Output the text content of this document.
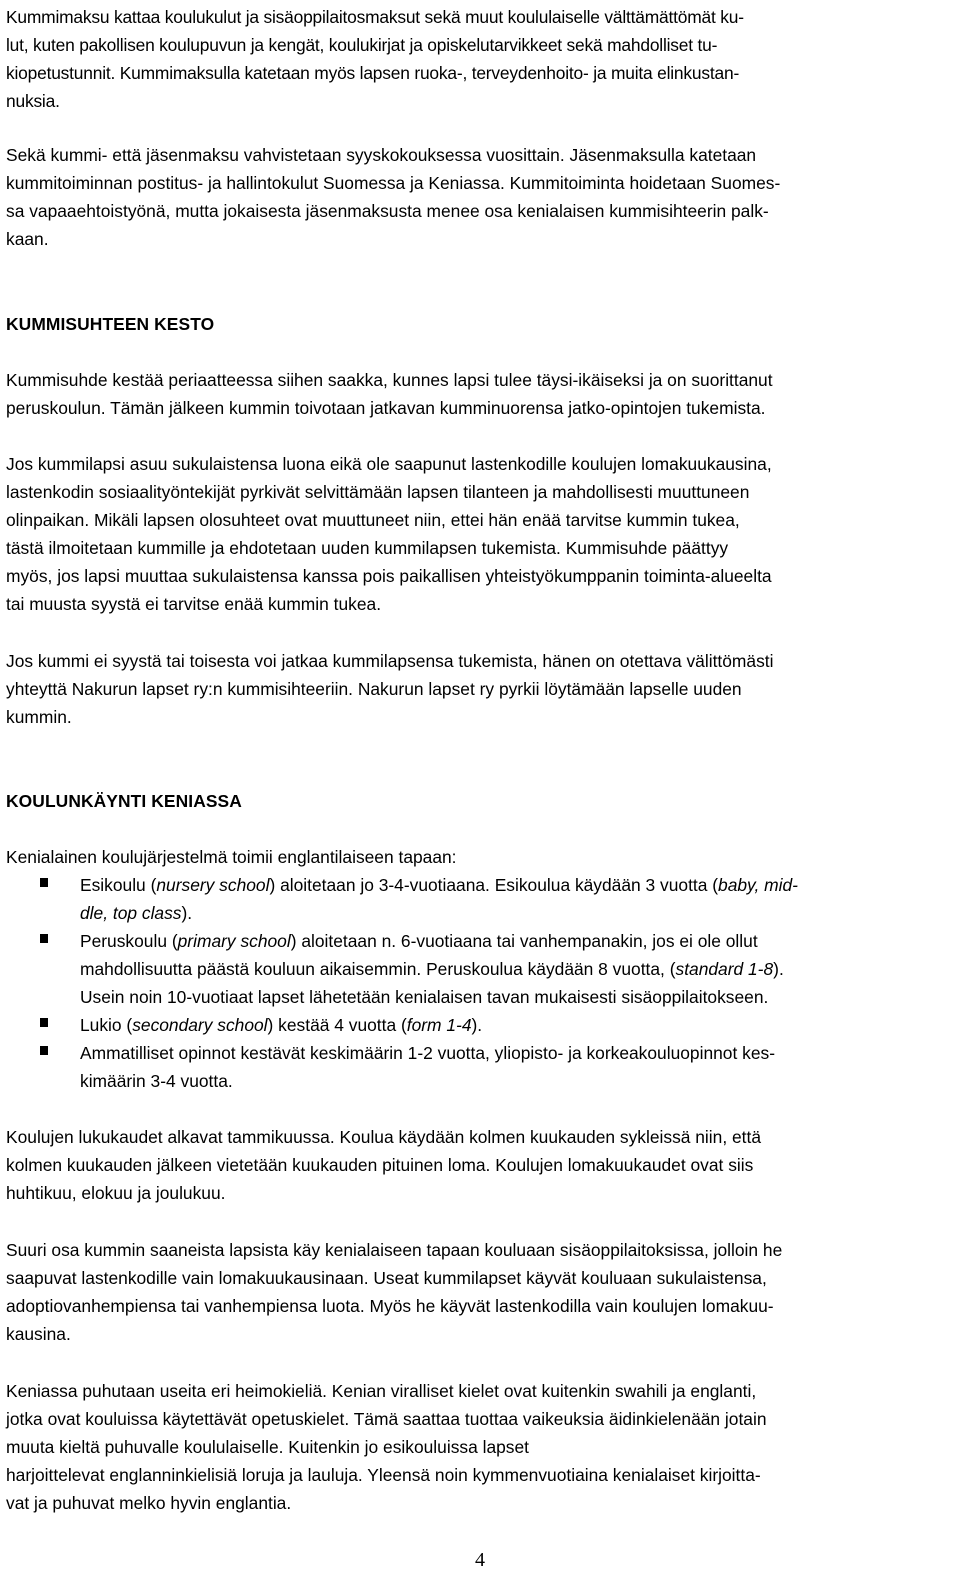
Kummimaksu kattaa koulukulut ja sisäoppilaitosmaksut sekä muut koululaiselle välttämättömät ku-
lut, kuten pakollisen koulupuvun ja kengät, koulukirjat ja opiskelutarvikkeet sekä mahdolliset tu-
kiopetustunnit. Kummimaksulla katetaan myös lapsen ruoka-, terveydenhoito- ja muita elinkustan-
nuksia.
Sekä kummi- että jäsenmaksu vahvistetaan syyskokouksessa vuosittain. Jäsenmaksulla katetaan
kummitoiminnan postitus- ja hallintokulut Suomessa ja Keniassa. Kummitoiminta hoidetaan Suomes-
sa vapaaehtoistyönä, mutta jokaisesta jäsenmaksusta menee osa kenialaisen kummisihteerin palk-
kaan.
KUMMISUHTEEN KESTO
Kummisuhde kestää periaatteessa siihen saakka, kunnes lapsi tulee täysi-ikäiseksi ja on suorittanut
peruskoulun. Tämän jälkeen kummin toivotaan jatkavan kumminuorensa jatko-opintojen tukemista.
Jos kummilapsi asuu sukulaistensa luona eikä ole saapunut lastenkodille koulujen lomakuukausina,
lastenkodin sosiaalityöntekijät pyrkivät selvittämään lapsen tilanteen ja mahdollisesti muuttuneen
olinpaikan. Mikäli lapsen olosuhteet ovat muuttuneet niin, ettei hän enää tarvitse kummin tukea,
tästä ilmoitetaan kummille ja ehdotetaan uuden kummilapsen tukemista. Kummisuhde päättyy
myös, jos lapsi muuttaa sukulaistensa kanssa pois paikallisen yhteistyökumppanin toiminta-alueelta
tai muusta syystä ei tarvitse enää kummin tukea.
Jos kummi ei syystä tai toisesta voi jatkaa kummilapsensa tukemista, hänen on otettava välittömästi
yhteyttä Nakurun lapset ry:n kummisihteeriin. Nakurun lapset ry pyrkii löytämään lapselle uuden
kummin.
KOULUNKÄYNTI KENIASSA
Kenialainen koulujärjestelmä toimii englantilaiseen tapaan:
Esikoulu (nursery school) aloitetaan jo 3-4-vuotiaana. Esikoulua käydään 3 vuotta (baby, mid-
dle, top class).
Peruskoulu (primary school) aloitetaan n. 6-vuotiaana tai vanhempanakin, jos ei ole ollut
mahdollisuutta päästä kouluun aikaisemmin. Peruskoulua käydään 8 vuotta, (standard 1-8).
Usein noin 10-vuotiaat lapset lähetetään kenialaisen tavan mukaisesti sisäoppilaitokseen.
Lukio (secondary school) kestää 4 vuotta (form 1-4).
Ammatilliset opinnot kestävät keskimäärin 1-2 vuotta, yliopisto- ja korkeakouluopinnot kes-
kimäärin 3-4 vuotta.
Koulujen lukukaudet alkavat tammikuussa. Koulua käydään kolmen kuukauden sykleissä niin, että
kolmen kuukauden jälkeen vietetään kuukauden pituinen loma. Koulujen lomakuukaudet ovat siis
huhtikuu, elokuu ja joulukuu.
Suuri osa kummin saaneista lapsista käy kenialaiseen tapaan kouluaan sisäoppilaitoksissa, jolloin he
saapuvat lastenkodille vain lomakuukausinaan. Useat kummilapset käyvät kouluaan sukulaistensa,
adoptiovanhempiensa tai vanhempiensa luota. Myös he käyvät lastenkodilla vain koulujen lomakuu-
kausina.
Keniassa puhutaan useita eri heimokieliä. Kenian viralliset kielet ovat kuitenkin swahili ja englanti,
jotka ovat kouluissa käytettävät opetuskielet. Tämä saattaa tuottaa vaikeuksia äidinkielenään jotain
muuta kieltä puhuvalle koululaiselle. Kuitenkin jo esikouluissa lapset
harjoittelevat englanninkielisiä loruja ja lauluja. Yleensä noin kymmenvuotiaina kenialaiset kirjoitta-
vat ja puhuvat melko hyvin englantia.
4
